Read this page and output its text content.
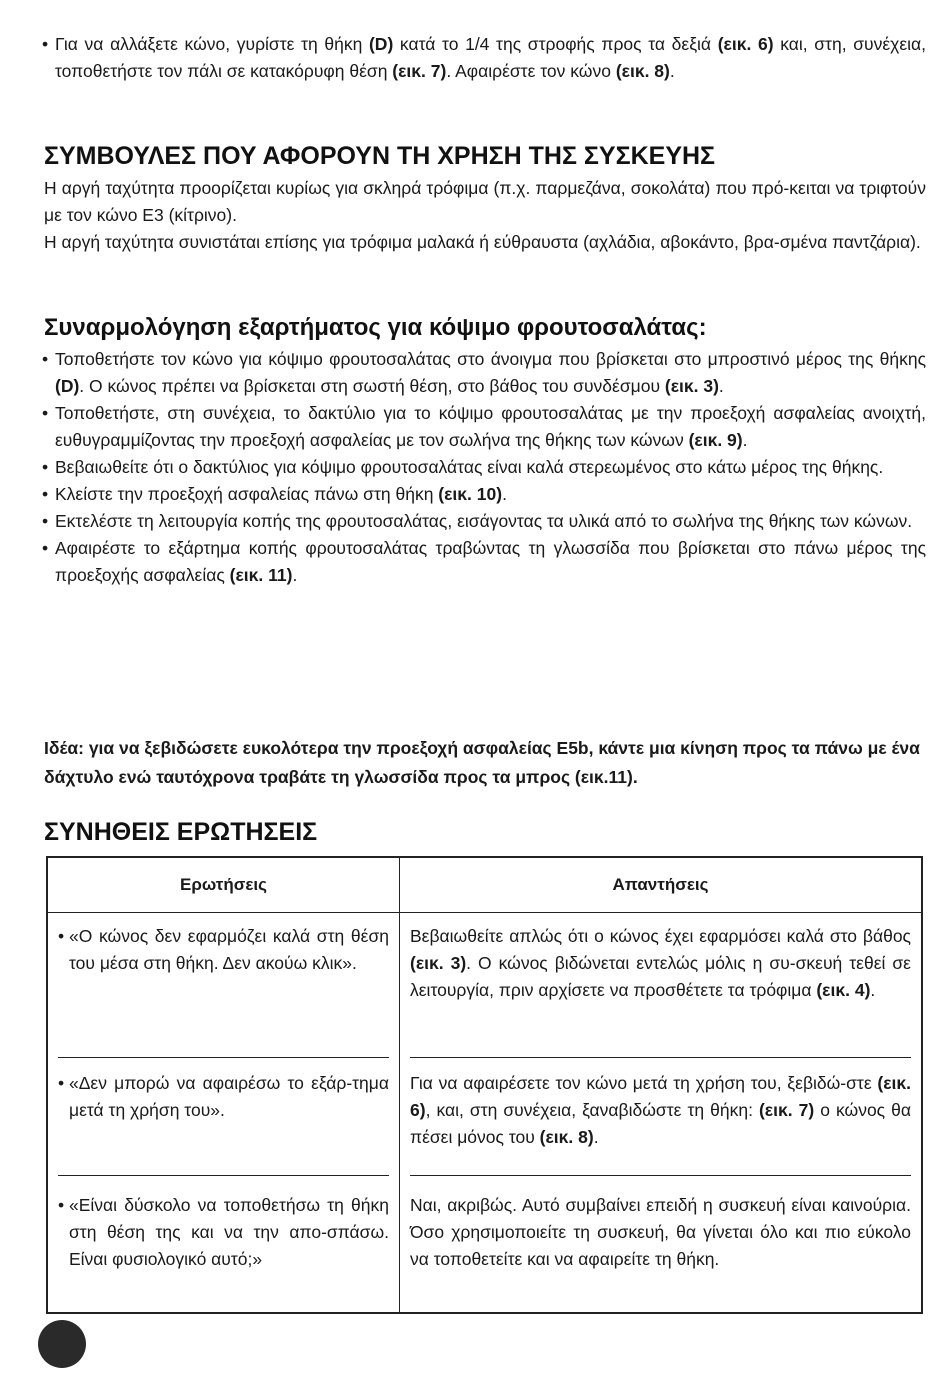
• Για να αλλάξετε κώνο, γυρίστε τη θήκη (D) κατά το 1/4 της στροφής προς τα δεξιά (εικ. 6) και, στη, συνέχεια, τοποθετήστε τον πάλι σε κατακόρυφη θέση (εικ. 7). Αφαιρέστε τον κώνο (εικ. 8).
ΣΥΜΒΟΥΛΕΣ ΠΟΥ ΑΦΟΡΟΥΝ ΤΗ ΧΡΗΣΗ ΤΗΣ ΣΥΣΚΕΥΗΣ

Η αργή ταχύτητα προορίζεται κυρίως για σκληρά τρόφιμα (π.χ. παρμεζάνα, σοκολάτα) που πρό-κειται να τριφτούν με τον κώνο E3 (κίτρινο).

Η αργή ταχύτητα συνιστάται επίσης για τρόφιμα μαλακά ή εύθραυστα (αχλάδια, αβοκάντο, βρα-σμένα παντζάρια).

Συναρμολόγηση εξαρτήματος για κόψιμο φρουτοσαλάτας:
• Τοποθετήστε τον κώνο για κόψιμο φρουτοσαλάτας στο άνοιγμα που βρίσκεται στο μπροστινό μέρος της θήκης (D). Ο κώνος πρέπει να βρίσκεται στη σωστή θέση, στο βάθος του συνδέσμου (εικ. 3).
• Τοποθετήστε, στη συνέχεια, το δακτύλιο για το κόψιμο φρουτοσαλάτας με την προεξοχή ασφαλείας ανοιχτή, ευθυγραμμίζοντας την προεξοχή ασφαλείας με τον σωλήνα της θήκης των κώνων (εικ. 9).
• Βεβαιωθείτε ότι ο δακτύλιος για κόψιμο φρουτοσαλάτας είναι καλά στερεωμένος στο κάτω μέρος της θήκης.
• Κλείστε την προεξοχή ασφαλείας πάνω στη θήκη (εικ. 10).
• Εκτελέστε τη λειτουργία κοπής της φρουτοσαλάτας, εισάγοντας τα υλικά από το σωλήνα της θήκης των κώνων.
• Αφαιρέστε το εξάρτημα κοπής φρουτοσαλάτας τραβώντας τη γλωσσίδα που βρίσκεται στο πάνω μέρος της προεξοχής ασφαλείας (εικ. 11).

Ιδέα: για να ξεβιδώσετε ευκολότερα την προεξοχή ασφαλείας E5b, κάντε μια κίνηση προς τα πάνω με ένα δάχτυλο ενώ ταυτόχρονα τραβάτε τη γλωσσίδα προς τα μπρος (εικ.11).

ΣΥΝΗΘΕΙΣ ΕΡΩΤΗΣΕΙΣ
Ερωτήσεις	Απαντήσεις

• «Ο κώνος δεν εφαρμόζει καλά στη θέση του μέσα στη θήκη. Δεν ακούω κλικ».	Βεβαιωθείτε απλώς ότι ο κώνος έχει εφαρμόσει καλά στο βάθος (εικ. 3). Ο κώνος βιδώνεται εντελώς μόλις η συ-σκευή τεθεί σε λειτουργία, πριν αρχίσετε να προσθέτετε τα τρόφιμα (εικ. 4).

• «Δεν μπορώ να αφαιρέσω το εξάρ-τημα μετά τη χρήση του».	Για να αφαιρέσετε τον κώνο μετά τη χρήση του, ξεβιδώ-στε (εικ. 6), και, στη συνέχεια, ξαναβιδώστε τη θήκη: (εικ. 7) ο κώνος θα πέσει μόνος του (εικ. 8).

• «Είναι δύσκολο να τοποθετήσω τη θήκη στη θέση της και να την απο-σπάσω. Είναι φυσιολογικό αυτό;»	Ναι, ακριβώς. Αυτό συμβαίνει επειδή η συσκευή είναι καινούρια. Όσο χρησιμοποιείτε τη συσκευή, θα γίνεται όλο και πιο εύκολο να τοποθετείτε και να αφαιρείτε τη θήκη.
